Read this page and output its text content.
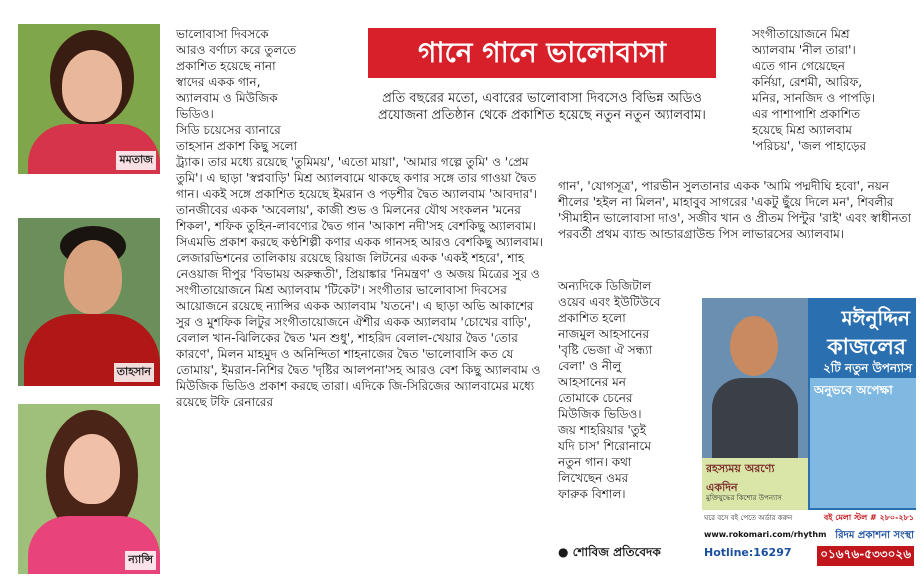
মমতাজ
তাহসান
ন্যান্সি
ভালোবাসা দিবসকে
আরও বর্ণাঢ্য করে তুলতে
প্রকাশিত হয়েছে নানা
স্বাদের একক গান,
অ্যালবাম ও মিউজিক
ভিডিও।
সিডি চয়েসের ব্যানারে
তাহসান প্রকাশ কিছু সলো
ট্র্যাক। তার মধ্যে রয়েছে 'তুমিময়', 'এতো মায়া', 'আমার গল্পে তুমি' ও 'প্রেম তুমি'। এ ছাড়া 'স্বপ্নবাড়ি' মিশ্র অ্যালবামে থাকছে কণার সঙ্গে তার গাওয়া দ্বৈত গান। একই সঙ্গে প্রকাশিত হয়েছে ইমরান ও পড়শীর দ্বৈত অ্যালবাম 'আবদার'। তানজীবের একক 'অবেলায়', কাজী শুভ ও মিলনের যৌথ সংকলন 'মনের শিকল', শফিক তুহিন-লাবণ্যের দ্বৈত গান 'আকাশ নদী'সহ বেশকিছু অ্যালবাম। সিএমভি প্রকাশ করছে কণ্ঠশিল্পী কণার একক গানসহ আরও বেশকিছু অ্যালবাম। লেজারভিশনের তালিকায় রয়েছে রিয়াজ লিটনের একক 'একই শহরে', শাহ নেওয়াজ দীপুর 'বিভাময় অরুন্ধতী', প্রিয়াঙ্কার 'নিমন্ত্রণ' ও অজয় মিত্রের সুর ও সংগীতায়োজনে মিশ্র অ্যালবাম 'টিকেট'। সংগীতার ভালোবাসা দিবসের আয়োজনে রয়েছে ন্যান্সির একক অ্যালবাম 'যতনে'। এ ছাড়া অভি আকাশের সুর ও মুশফিক লিটুর সংগীতায়োজনে ঐশীর একক অ্যালবাম 'চোখের বাড়ি', বেলাল খান-ঝিলিকের দ্বৈত 'মন শুধু', শাহরিদ বেলাল-খেয়ার দ্বৈত 'তোর কারণে', মিলন মাহমুদ ও অনিন্দিতা শাহনাজের দ্বৈত 'ভালোবাসি কত যে তোমায়', ইমরান-নিশির দ্বৈত 'দৃষ্টির আলপনা'সহ আরও বেশ কিছু অ্যালবাম ও মিউজিক ভিডিও প্রকাশ করছে তারা। এদিকে জি-সিরিজের অ্যালবামের মধ্যে রয়েছে টফি রেনারের
গানে গানে ভালোবাসা
প্রতি বছরের মতো, এবারের ভালোবাসা দিবসেও বিভিন্ন অডিও প্রযোজনা প্রতিষ্ঠান থেকে প্রকাশিত হয়েছে নতুন নতুন অ্যালবাম।
সংগীতায়োজনে মিশ্র
অ্যালবাম 'নীল তারা'।
এতে গান গেয়েছেন
কর্নিয়া, রেশমী, আরিফ,
মনির, সানজিদ ও পাপড়ি।
এর পাশাপাশি প্রকাশিত
হয়েছে মিশ্র অ্যালবাম
'পরিচয়', 'জল পাহাড়ের
গান', 'যোগসূত্র', পারভীন সুলতানার একক 'আমি পদ্মদীঘি হবো', নয়ন শীলের 'হইল না মিলন', মাহাবুব সাগরের 'একটু ছুঁয়ে দিলে মন', শিবলীর 'সীমাহীন ভালোবাসা দাও', সজীব খান ও প্রীতম পিন্টুর 'রাই' এবং স্বাধীনতা পরবর্তী প্রথম ব্যান্ড আন্ডারগ্রাউন্ড পিস লাভারসের অ্যালবাম।
অন্যদিকে ডিজিটাল
ওয়েব এবং ইউটিউবে
প্রকাশিত হলো
নাজমুল আহসানের
'বৃষ্টি ভেজা ঐ সন্ধ্যা
বেলা' ও নীলু
আহসানের মন
তোমাকে চেনের
মিউজিক ভিডিও।
জয় শাহরিয়ার 'তুই
যদি চাস' শিরোনামে
নতুন গান। কথা
লিখেছেন ওমর
ফারুক বিশাল।
● শোবিজ প্রতিবেদক
মঈনুদ্দিন
কাজলের
২টি নতুন উপন্যাস
অনুভবে অপেক্ষা
রহস্যময় অরণ্যে একদিন
মুক্তিযুদ্ধের কিশোর উপন্যাস
ঘরে বসে বই পেতে অর্ডার করুন	বই মেলা স্টল # ২৮০-২৮১
www.rokomari.com/rhythm রিদম প্রকাশনা সংস্থা
Hotline:16297 ০১৬৭৬-৫৩৩০২৬
